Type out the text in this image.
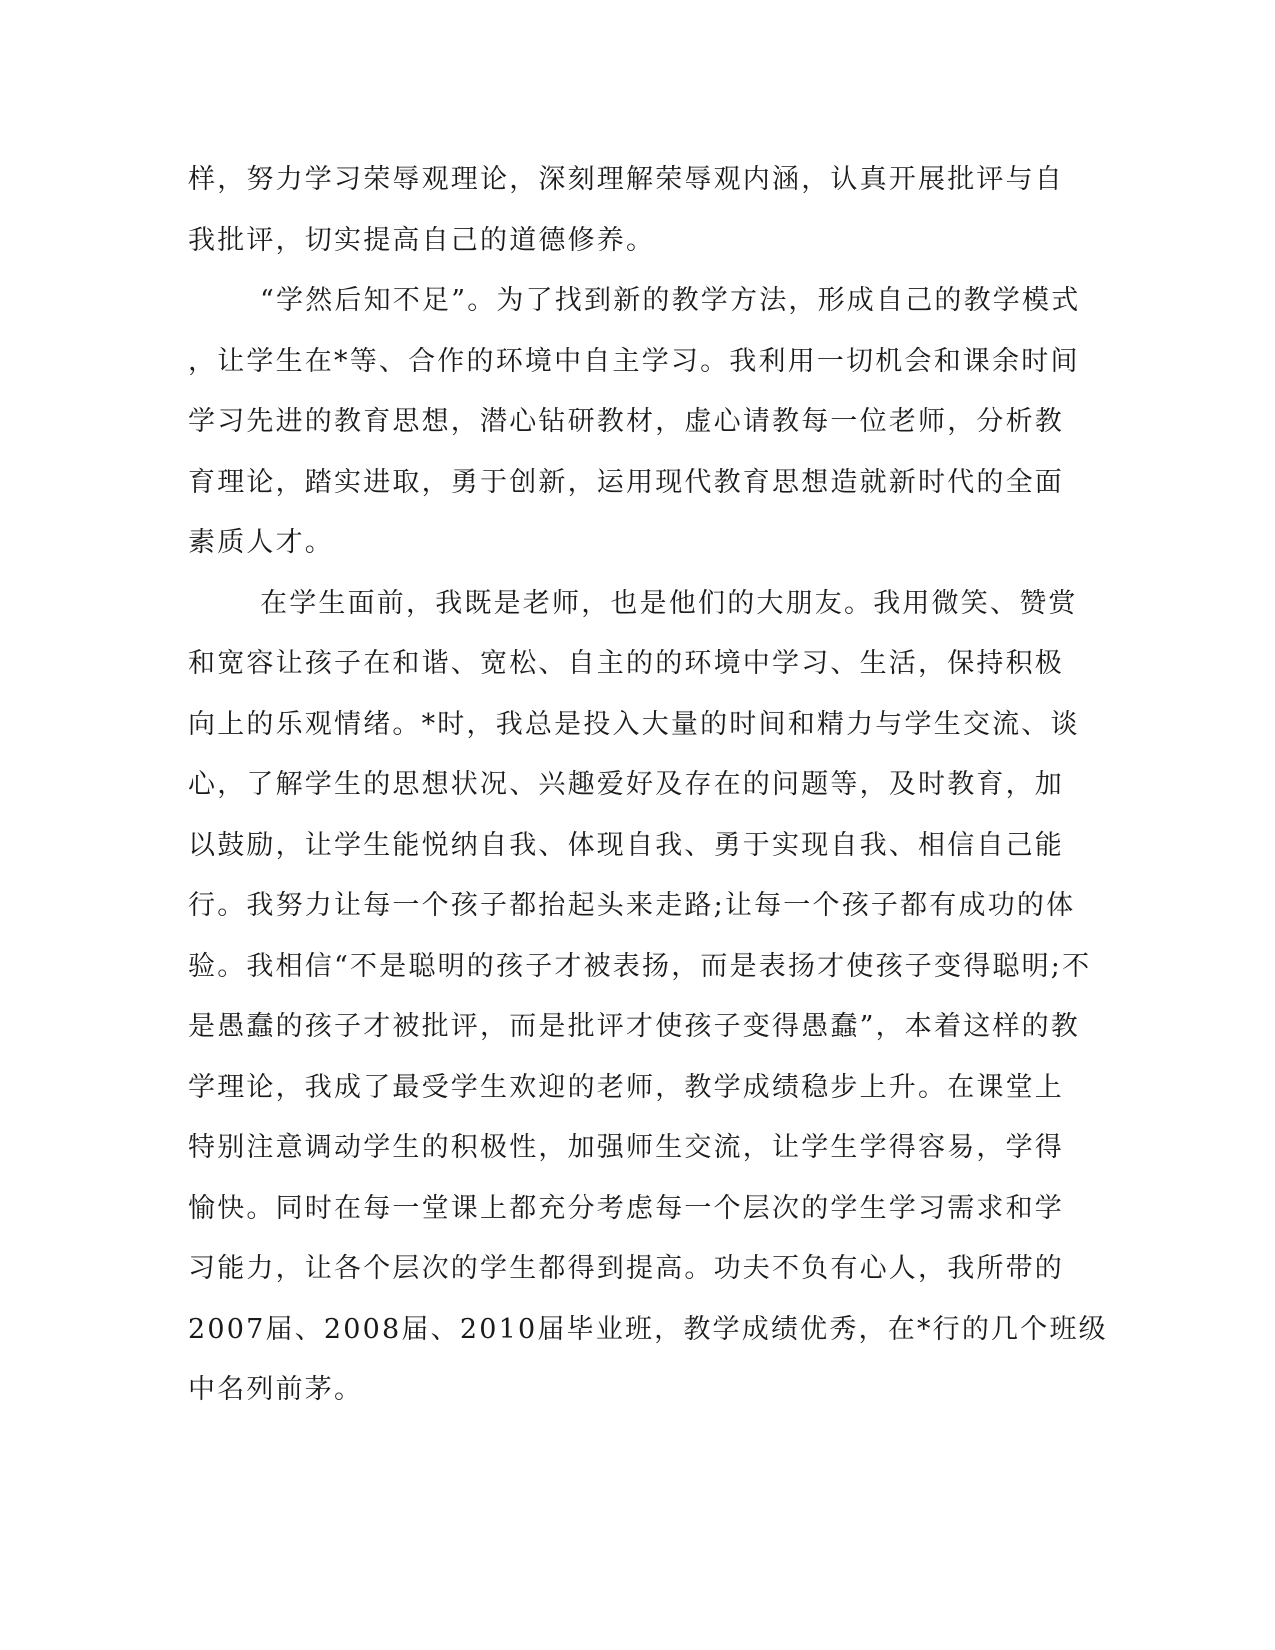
样，努力学习荣辱观理论，深刻理解荣辱观内涵，认真开展批评与自
我批评，切实提高自己的道德修养。
“学然后知不足”。为了找到新的教学方法，形成自己的教学模式
，让学生在*等、合作的环境中自主学习。我利用一切机会和课余时间
学习先进的教育思想，潜心钻研教材，虚心请教每一位老师，分析教
育理论，踏实进取，勇于创新，运用现代教育思想造就新时代的全面
素质人才。
在学生面前，我既是老师，也是他们的大朋友。我用微笑、赞赏
和宽容让孩子在和谐、宽松、自主的的环境中学习、生活，保持积极
向上的乐观情绪。*时，我总是投入大量的时间和精力与学生交流、谈
心，了解学生的思想状况、兴趣爱好及存在的问题等，及时教育，加
以鼓励，让学生能悦纳自我、体现自我、勇于实现自我、相信自己能
行。我努力让每一个孩子都抬起头来走路;让每一个孩子都有成功的体
验。我相信“不是聪明的孩子才被表扬，而是表扬才使孩子变得聪明;不
是愚蠢的孩子才被批评，而是批评才使孩子变得愚蠢”，本着这样的教
学理论，我成了最受学生欢迎的老师，教学成绩稳步上升。在课堂上
特别注意调动学生的积极性，加强师生交流，让学生学得容易，学得
愉快。同时在每一堂课上都充分考虑每一个层次的学生学习需求和学
习能力，让各个层次的学生都得到提高。功夫不负有心人，我所带的
2007届、2008届、2010届毕业班，教学成绩优秀，在*行的几个班级
中名列前茅。
